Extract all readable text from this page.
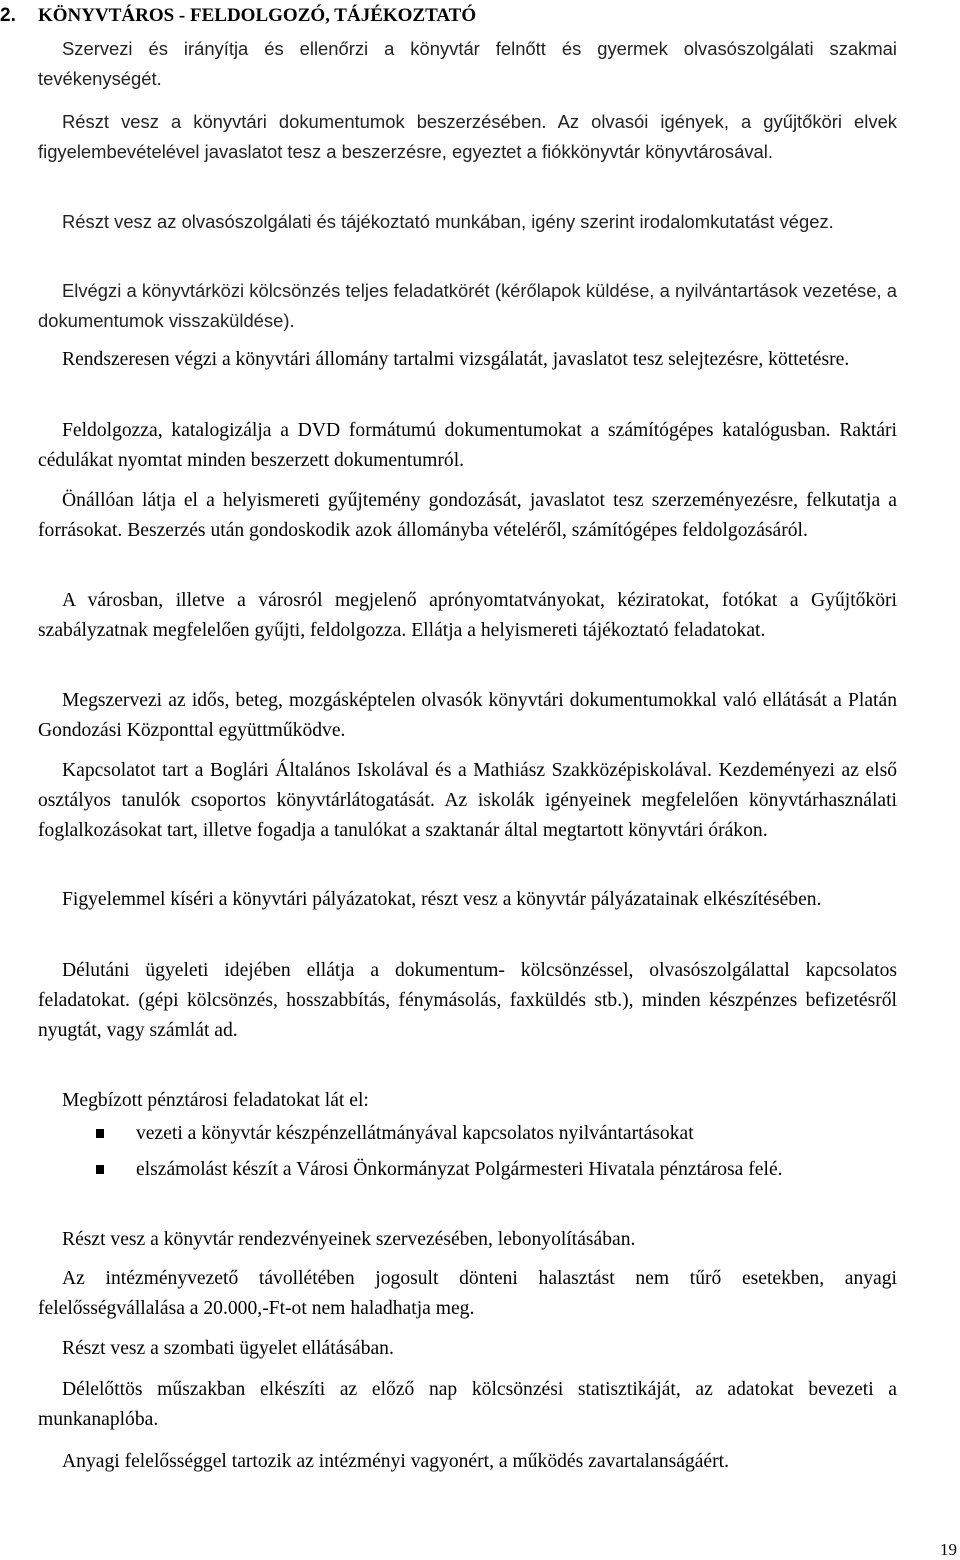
2. KÖNYVTÁROS - FELDOLGOZÓ, TÁJÉKOZTATÓ

Szervezi és irányítja és ellenőrzi a könyvtár felnőtt és gyermek olvasószolgálati szakmai tevékenységét.

Részt vesz a könyvtári dokumentumok beszerzésében. Az olvasói igények, a gyűjtőköri elvek figyelembevételével javaslatot tesz a beszerzésre, egyeztet a fiókkönyvtár könyvtárosával.

Részt vesz az olvasószolgálati és tájékoztató munkában, igény szerint irodalomkutatást végez.

Elvégzi a könyvtárközi kölcsönzés teljes feladatkörét (kérőlapok küldése, a nyilvántartások vezetése, a dokumentumok visszaküldése).

Rendszeresen végzi a könyvtári állomány tartalmi vizsgálatát, javaslatot tesz selejtezésre, köttetésre.

Feldolgozza, katalogizálja a DVD formátumú dokumentumokat a számítógépes katalógusban. Raktári cédulákat nyomtat minden beszerzett dokumentumról.

Önállóan látja el a helyismereti gyűjtemény gondozását, javaslatot tesz szerzeményezésre, felkutatja a forrásokat. Beszerzés után gondoskodik azok állományba vételéről, számítógépes feldolgozásáról.

A városban, illetve a városról megjelenő aprónyomtatványokat, kéziratokat, fotókat a Gyűjtőköri szabályzatnak megfelelően gyűjti, feldolgozza. Ellátja a helyismereti tájékoztató feladatokat.

Megszervezi az idős, beteg, mozgásképtelen olvasók könyvtári dokumentumokkal való ellátását a Platán Gondozási Központtal együttműködve.

Kapcsolatot tart a Boglári Általános Iskolával és a Mathiász Szakközépiskolával. Kezdeményezi az első osztályos tanulók csoportos könyvtárlátogatását. Az iskolák igényeinek megfelelően könyvtárhasználati foglalkozásokat tart, illetve fogadja a tanulókat a szaktanár által megtartott könyvtári órákon.

Figyelemmel kíséri a könyvtári pályázatokat, részt vesz a könyvtár pályázatainak elkészítésében.

Délutáni ügyeleti idejében ellátja a dokumentum- kölcsönzéssel, olvasószolgálattal kapcsolatos feladatokat. (gépi kölcsönzés, hosszabbítás, fénymásolás, faxküldés stb.), minden készpénzes befizetésről nyugtát, vagy számlát ad.

Megbízott pénztárosi feladatokat lát el:

vezeti a könyvtár készpénzellátmányával kapcsolatos nyilvántartásokat
elszámolást készít a Városi Önkormányzat Polgármesteri Hivatala pénztárosa felé.

Részt vesz a könyvtár rendezvényeinek szervezésében, lebonyolításában.

Az intézményvezető távollétében jogosult dönteni halasztást nem tűrő esetekben, anyagi felelősségvállalása a 20.000,-Ft-ot nem haladhatja meg.

Részt vesz a szombati ügyelet ellátásában.

Délelőttös műszakban elkészíti az előző nap kölcsönzési statisztikáját, az adatokat bevezeti a munkanaplóba.

Anyagi felelősséggel tartozik az intézményi vagyonért, a működés zavartalanságáért.

19
